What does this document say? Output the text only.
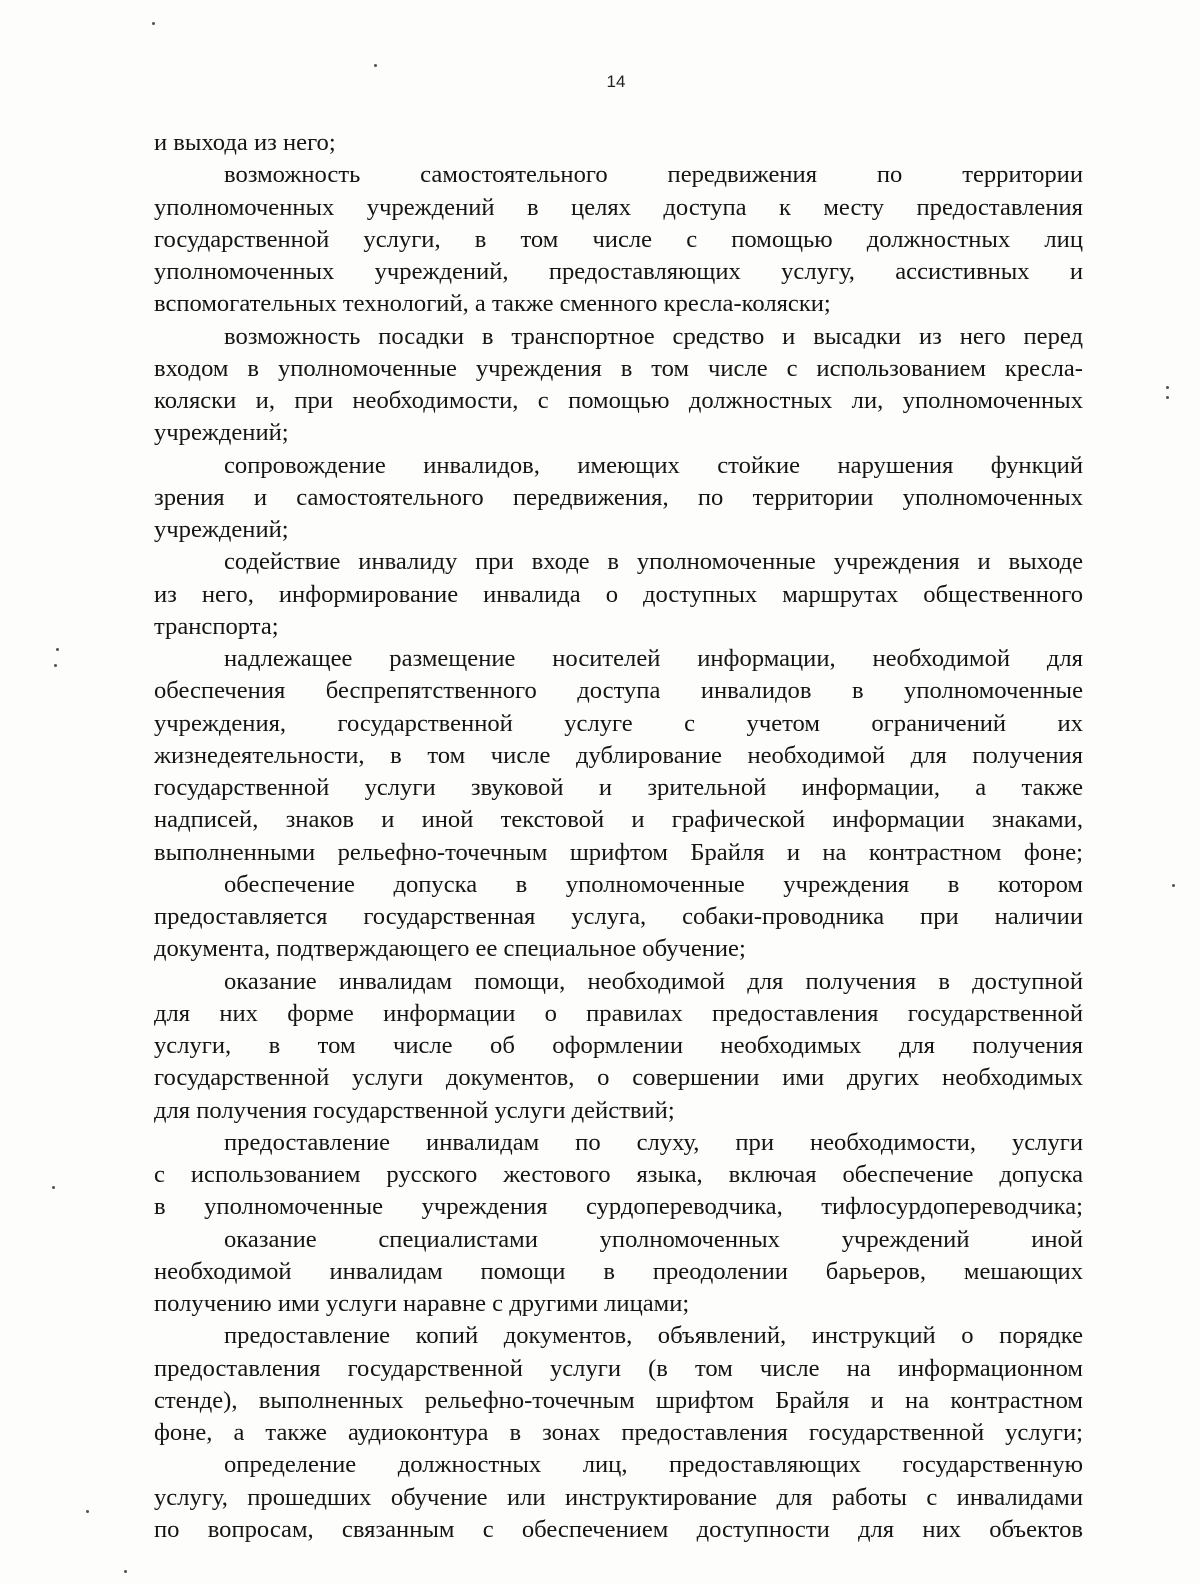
14
и выхода из него;
возможность самостоятельного передвижения по территории
уполномоченных учреждений в целях доступа к месту предоставления
государственной услуги, в том числе с помощью должностных лиц
уполномоченных учреждений, предоставляющих услугу, ассистивных и
вспомогательных технологий, а также сменного кресла-коляски;
возможность посадки в транспортное средство и высадки из него перед
входом в уполномоченные учреждения в том числе с использованием кресла-
коляски и, при необходимости, с помощью должностных ли, уполномоченных
учреждений;
сопровождение инвалидов, имеющих стойкие нарушения функций
зрения и самостоятельного передвижения, по территории уполномоченных
учреждений;
содействие инвалиду при входе в уполномоченные учреждения и выходе
из него, информирование инвалида о доступных маршрутах общественного
транспорта;
надлежащее размещение носителей информации, необходимой для
обеспечения беспрепятственного доступа инвалидов в уполномоченные
учреждения, государственной услуге с учетом ограничений их
жизнедеятельности, в том числе дублирование необходимой для получения
государственной услуги звуковой и зрительной информации, а также
надписей, знаков и иной текстовой и графической информации знаками,
выполненными рельефно-точечным шрифтом Брайля и на контрастном фоне;
обеспечение допуска в уполномоченные учреждения в котором
предоставляется государственная услуга, собаки-проводника при наличии
документа, подтверждающего ее специальное обучение;
оказание инвалидам помощи, необходимой для получения в доступной
для них форме информации о правилах предоставления государственной
услуги, в том числе об оформлении необходимых для получения
государственной услуги документов, о совершении ими других необходимых
для получения государственной услуги действий;
предоставление инвалидам по слуху, при необходимости, услуги
с использованием русского жестового языка, включая обеспечение допуска
в уполномоченные учреждения сурдопереводчика, тифлосурдопереводчика;
оказание специалистами уполномоченных учреждений иной
необходимой инвалидам помощи в преодолении барьеров, мешающих
получению ими услуги наравне с другими лицами;
предоставление копий документов, объявлений, инструкций о порядке
предоставления государственной услуги (в том числе на информационном
стенде), выполненных рельефно-точечным шрифтом Брайля и на контрастном
фоне, а также аудиоконтура в зонах предоставления государственной услуги;
определение должностных лиц, предоставляющих государственную
услугу, прошедших обучение или инструктирование для работы с инвалидами
по вопросам, связанным с обеспечением доступности для них объектов
